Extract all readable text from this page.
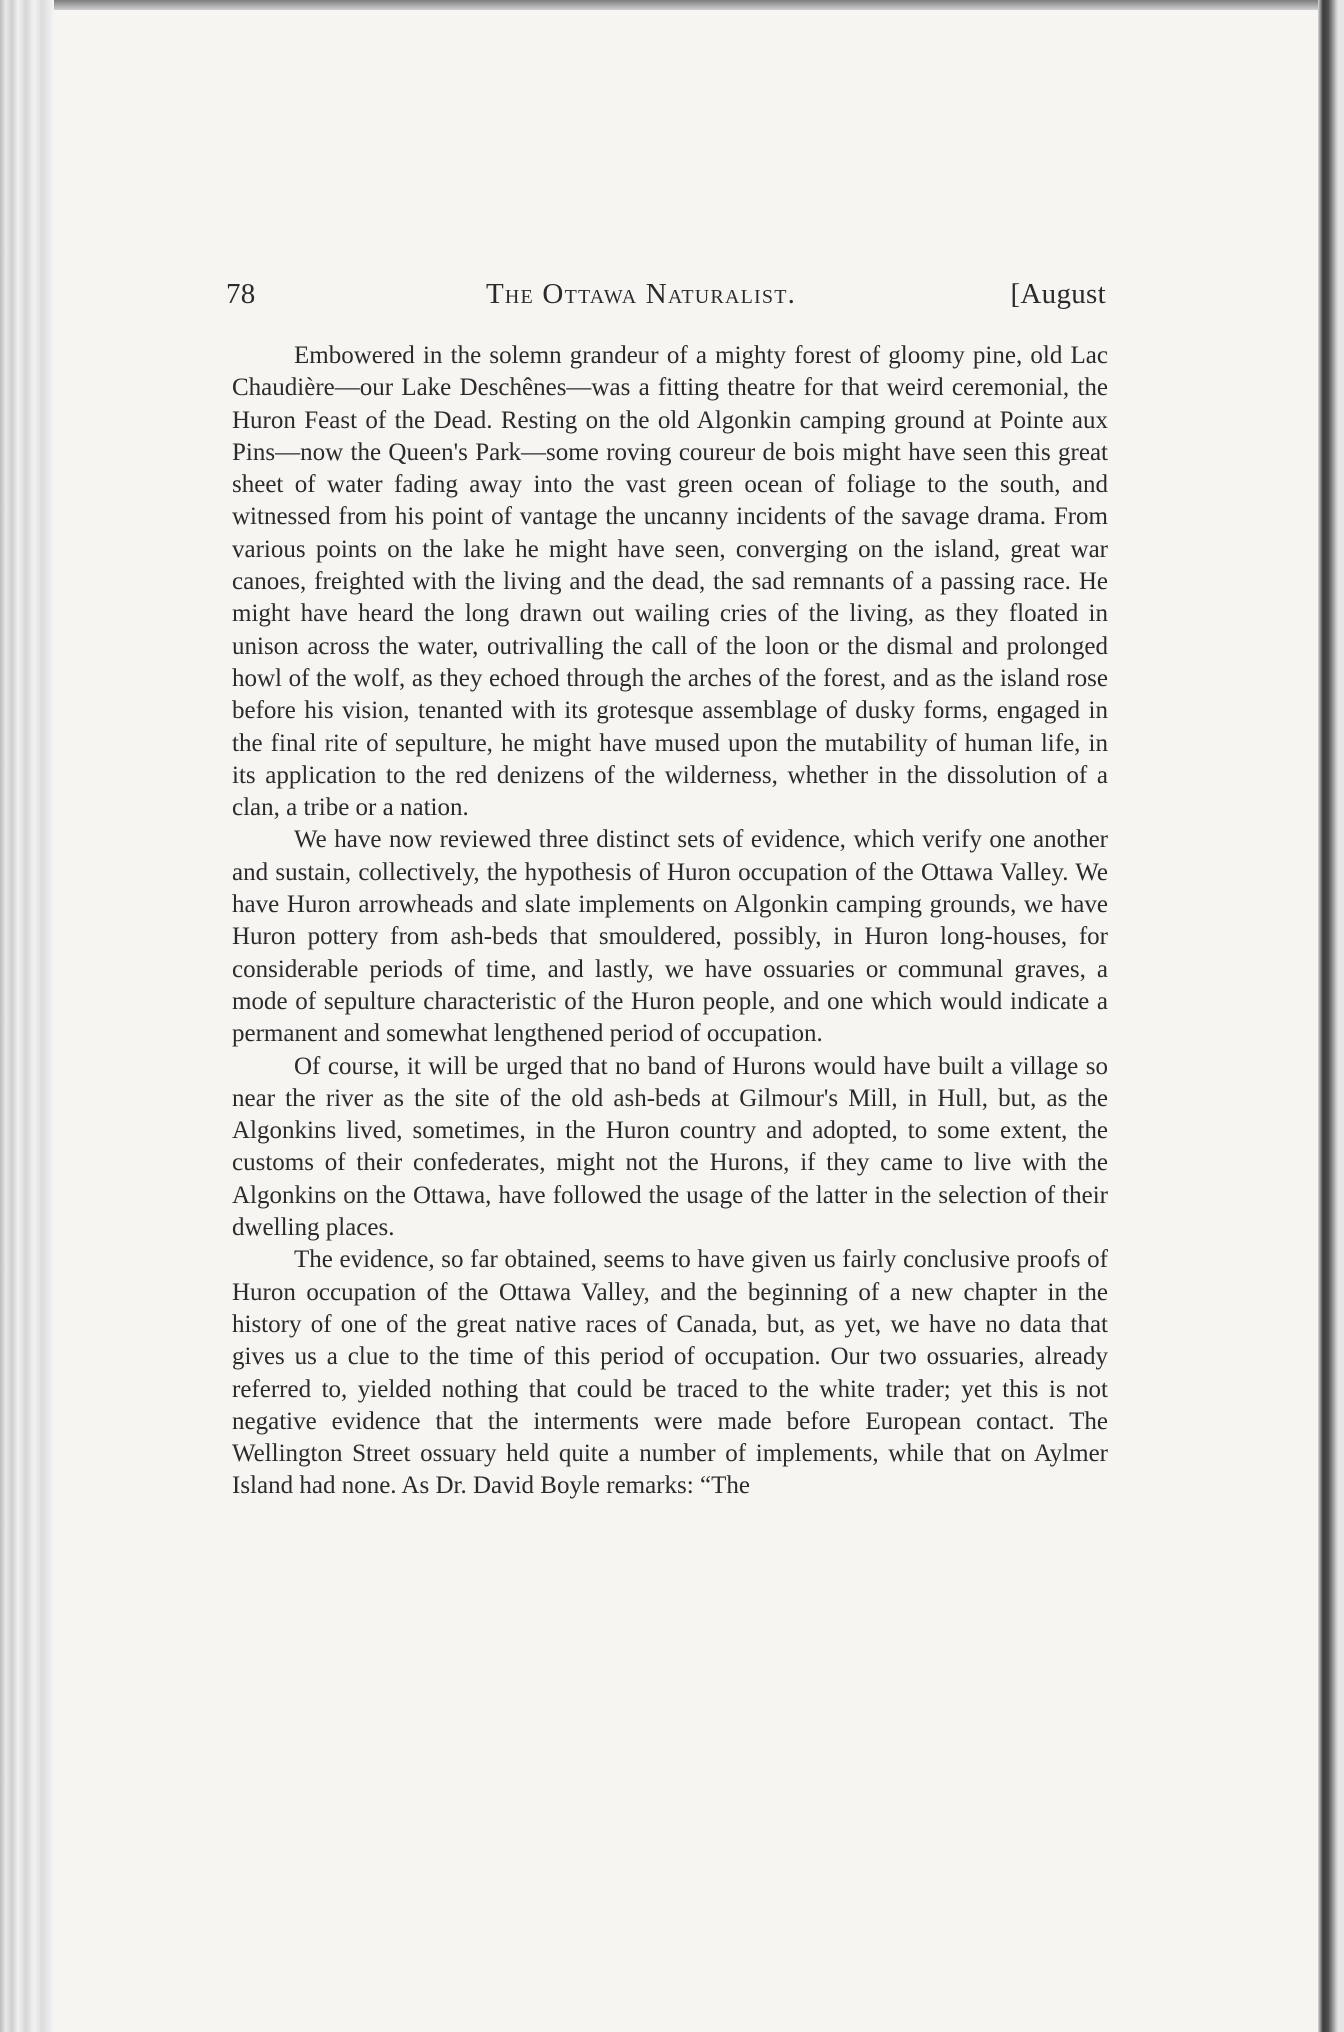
78	The Ottawa Naturalist.	[August

Embowered in the solemn grandeur of a mighty forest of gloomy pine, old Lac Chaudière—our Lake Deschênes—was a fitting theatre for that weird ceremonial, the Huron Feast of the Dead. Resting on the old Algonkin camping ground at Pointe aux Pins—now the Queen's Park—some roving coureur de bois might have seen this great sheet of water fading away into the vast green ocean of foliage to the south, and witnessed from his point of vantage the uncanny incidents of the savage drama. From various points on the lake he might have seen, converging on the island, great war canoes, freighted with the living and the dead, the sad remnants of a passing race. He might have heard the long drawn out wailing cries of the living, as they floated in unison across the water, outrivalling the call of the loon or the dismal and prolonged howl of the wolf, as they echoed through the arches of the forest, and as the island rose before his vision, tenanted with its grotesque assemblage of dusky forms, engaged in the final rite of sepulture, he might have mused upon the mutability of human life, in its application to the red denizens of the wilderness, whether in the dissolution of a clan, a tribe or a nation.

We have now reviewed three distinct sets of evidence, which verify one another and sustain, collectively, the hypothesis of Huron occupation of the Ottawa Valley. We have Huron arrowheads and slate implements on Algonkin camping grounds, we have Huron pottery from ash-beds that smouldered, possibly, in Huron long-houses, for considerable periods of time, and lastly, we have ossuaries or communal graves, a mode of sepulture characteristic of the Huron people, and one which would indicate a permanent and somewhat lengthened period of occupation.

Of course, it will be urged that no band of Hurons would have built a village so near the river as the site of the old ash-beds at Gilmour's Mill, in Hull, but, as the Algonkins lived, sometimes, in the Huron country and adopted, to some extent, the customs of their confederates, might not the Hurons, if they came to live with the Algonkins on the Ottawa, have followed the usage of the latter in the selection of their dwelling places.

The evidence, so far obtained, seems to have given us fairly conclusive proofs of Huron occupation of the Ottawa Valley, and the beginning of a new chapter in the history of one of the great native races of Canada, but, as yet, we have no data that gives us a clue to the time of this period of occupation. Our two ossuaries, already referred to, yielded nothing that could be traced to the white trader; yet this is not negative evidence that the interments were made before European contact. The Wellington Street ossuary held quite a number of implements, while that on Aylmer Island had none. As Dr. David Boyle remarks: “The
